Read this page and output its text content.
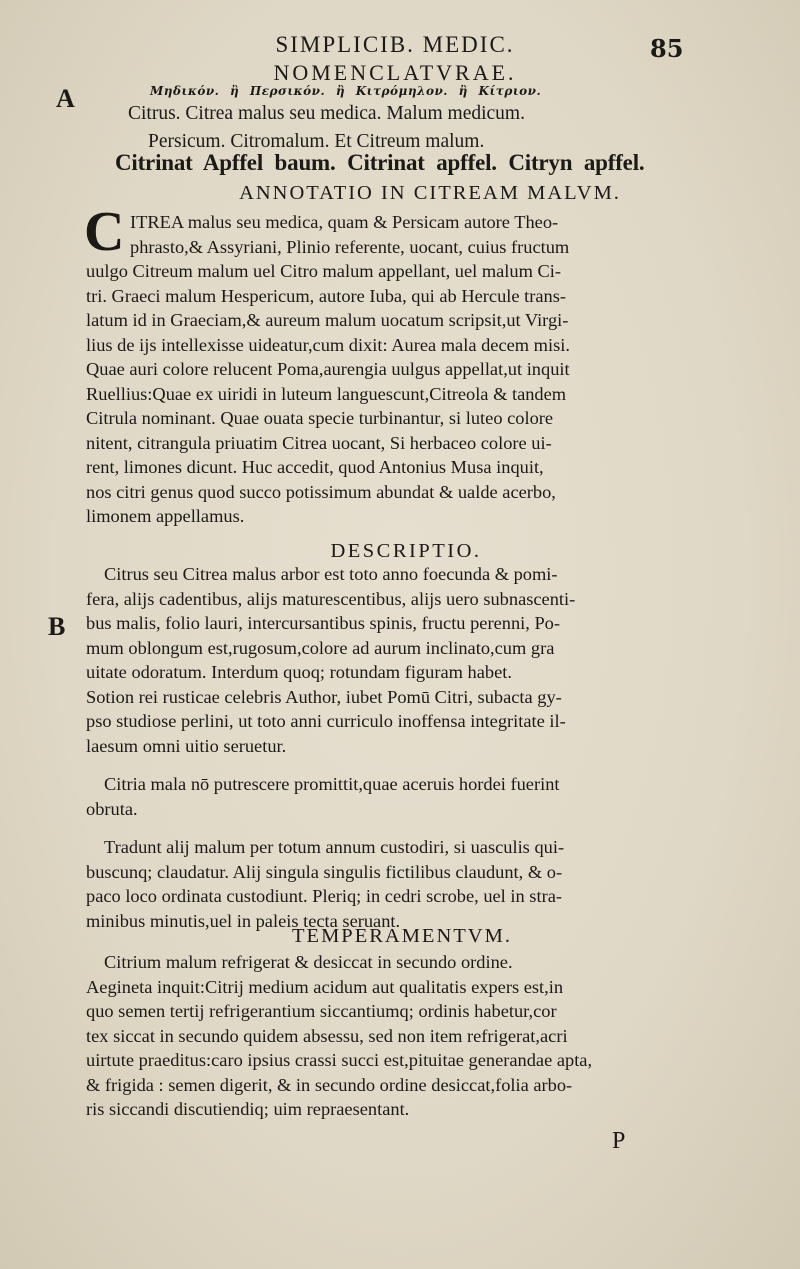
SIMPLICIB. MEDIC.	85
NOMENCLATVRAE.
A
B
Μηδικόν. ἢ Περσικόν. ἢ Κιτρόμηλον. ἢ Κίτριον.
Citrus. Citrea malus seu medica. Malum medicum.
Persicum. Citromalum. Et Citreum malum.
Citrinat Apffel baum. Citrinat apffel. Citryn apffel.
ANNOTATIO IN CITREAM MALVM.
C ITREA malus seu medica, quam & Persicam autore Theo-
phrasto,& Assyriani, Plinio referente, uocant, cuius fructum
uulgo Citreum malum uel Citro malum appellant, uel malum Ci-
tri. Graeci malum Hespericum, autore Iuba, qui ab Hercule trans-
latum id in Graeciam,& aureum malum uocatum scripsit,ut Virgi-
lius de ijs intellexisse uideatur,cum dixit: Aurea mala decem misi.
Quae auri colore relucent Poma,aurengia uulgus appellat,ut inquit
Ruellius:Quae ex uiridi in luteum languescunt,Citreola & tandem
Citrula nominant. Quae ouata specie turbinantur, si luteo colore
nitent, citrangula priuatim Citrea uocant, Si herbaceo colore ui-
rent, limones dicunt. Huc accedit, quod Antonius Musa inquit,
nos citri genus quod succo potissimum abundat & ualde acerbo,
limonem appellamus.
DESCRIPTIO.
Citrus seu Citrea malus arbor est toto anno foecunda & pomi-
fera, alijs cadentibus, alijs maturescentibus, alijs uero subnascenti-
bus malis, folio lauri, intercursantibus spinis, fructu perenni, Po-
mum oblongum est,rugosum,colore ad aurum inclinato,cum gra
uitate odoratum. Interdum quoq; rotundam figuram habet.
Sotion rei rusticae celebris Author, iubet Pomū Citri, subacta gy-
pso studiose perlini, ut toto anni curriculo inoffensa integritate il-
laesum omni uitio seruetur.
Citria mala nō putrescere promittit,quae aceruis hordei fuerint
obruta.
Tradunt alij malum per totum annum custodiri, si uasculis qui-
buscunq; claudatur. Alij singula singulis fictilibus claudunt, & o-
paco loco ordinata custodiunt. Pleriq; in cedri scrobe, uel in stra-
minibus minutis,uel in paleis tecta seruant.
TEMPERAMENTVM.
Citrium malum refrigerat & desiccat in secundo ordine.
Aegineta inquit:Citrij medium acidum aut qualitatis expers est,in
quo semen tertij refrigerantium siccantiumq; ordinis habetur,cor
tex siccat in secundo quidem absessu, sed non item refrigerat,acri
uirtute praeditus:caro ipsius crassi succi est,pituitae generandae apta,
& frigida : semen digerit, & in secundo ordine desiccat,folia arbo-
ris siccandi discutiendiq; uim repraesentant.
P
